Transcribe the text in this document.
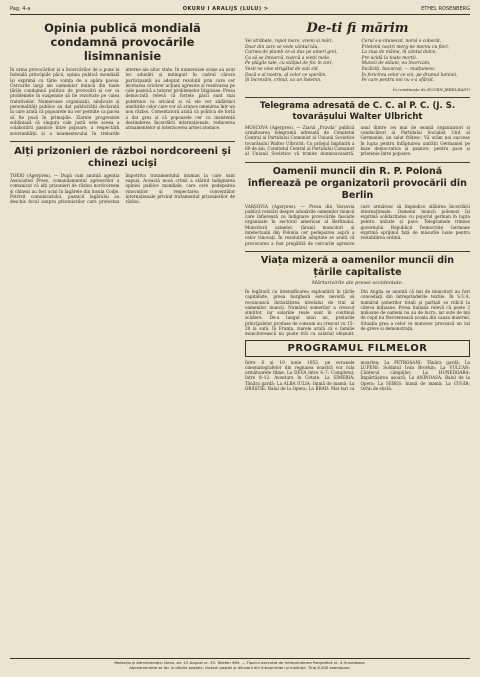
Pag. 4-a	OKURU I ARALIJS (LULU) >	ETHEL ROSENBERG
Opinia publică mondială condamnă provocările lisimnanisie
În urma provocărilor și a încercărilor de a pune la îndoială principiile păcii, opinia publică mondială își exprimă cu tărie voința de a apăra pacea. Cercurile largi ale oamenilor muncii din toate țările condamnă politica de provocări și cer ca problemele în suspensie să fie rezolvate pe calea tratativelor. Numeroase organizații, sindicate și personalități publice au dat publicității declarații în care arată că popoarele nu vor permite ca pacea să fie pusă în primejdie. Ziarele progresiste subliniază că singura cale justă este aceea a colaborării pașnice între popoare, a respectării suveranității și a neamestecului în treburile interne ale altor state. În numeroase orașe au avut loc adunări și mitinguri în cadrul cărora participanții au adoptat rezoluții prin care cer încetarea oricăror acțiuni agresive și rezolvarea pe cale pașnică a tuturor problemelor litigioase. Presa democrată relevă că forțele păcii sunt mai puternice ca oricând și că ele vor zădărnici uneltirile celor care vor să arunce omenirea într-un nou război. Comentatorii arată că politica de forță a dat greș și că popoarele cer cu insistență destinderea încordării internaționale, reducerea armamentelor și interzicerea armei atomice.
Alți prizonieri de război nordcoreeni și chinezi uciși
TOKIO (Agerpres). — După cum anunță agenția Associated Press, comandamentul agresorilor a comunicat că alți prizonieri de război nordcoreeni și chinezi au fost uciși în lagărele din insula Codje. Potrivit comunicatului, paznicii lagărului au deschis focul asupra prizonierilor care protestau împotriva tratamentului inuman la care sunt supuși. Această nouă crimă a stârnit indignarea opiniei publice mondiale, care cere pedepsirea vinovaților și respectarea convențiilor internaționale privind tratamentul prizonierilor de război.
De-ti fi mărim

Vei străbate, ropot mare, vremi și mări,
Doar din zare se vede vântul tău,
Carnea de plumb ce-ai dus pe umeri grei,
Ca să se întoarcă, toarcă a vieții mele.
Pe plăgile tale, cu stâlpul de foc în zori,
Vesti ne vine strigătul de sub zid,
Dacă e al nostru, al celor ce sperăm,
Și încrezăm, crinul, ca un îndemn.

Cerul s-a-ntunecat, norul o coborât,
Prietenii noștri merg-ne mereu cu flori,
La ziua de mâine, în cântul dulce,
Pre ucidă la toate morții.
Muncii de stăuni, eu încercam,
Încălziți, bucuroși, — mulțumesc,
În fericirea celor ce vin, pe drumul luminii,
Pe care pentru noi nu s-a sfârșit.

În românește de EUGEN JEBELEANU
Telegrama adresată de C. C. al P. C. (J. S. tovarășului Walter Ulbricht
MOSCOVA (Agerpres). — Ziarul „Pravda” publică următoarea telegramă adresată de Comitetul Central al Partidului Comunist al Uniunii Sovietice tovarășului Walter Ulbricht: Cu prilejul împlinirii a 60 de ani, Comitetul Central al Partidului Comunist al Uniunii Sovietice vă trimite dumneavoastră, unul dintre cei mai de seamă organizatori și conducători ai Partidului Socialist Unit al Germaniei, un salut frățesc. Vă urăm noi succese în lupta pentru înfăptuirea unității Germaniei pe baze democratice și pașnice, pentru pace și prietenie între popoare.
Oamenii muncii din R. P. Polonă înfierează pe organizatorii provocării din Berlin
VARȘOVIA (Agerpres). — Presa din Varșovia publică relatări despre adunările oamenilor muncii care înfierează cu indignare provocările fasciste organizate în sectorul american al Berlinului. Muncitorii uzinelor, țăranii muncitori și intelectualii din Polonia cer pedepsirea aspră a celor vinovați. În rezoluțiile adoptate se arată că provocarea a fost pregătită de cercurile agresive care urmăresc să împiedice slăbirea încordării internaționale. Oamenii muncii polonezi își exprimă solidaritatea cu poporul german în lupta pentru unitate și pace. Telegramele trimise guvernului Republicii Democrate Germane exprimă sprijinul față de măsurile luate pentru restabilirea ordinii.
Viața mizeră a oamenilor muncii din țările capitaliste
Mărturisirile ale presei occidentale.
În legătură cu intensificarea exploatării în țările capitaliste, presa burgheză este nevoită să recunoască înrăutățirea nivelului de trai al oamenilor muncii. Numărul șomerilor a crescut simțitor, iar salariile reale sunt în continuă scădere. De-a lungul unui an, prețurile principalelor produse de consum au crescut cu 15–20 la sută. În Franța, ziarele arată că o familie muncitorească nu poate trăi cu salariul obișnuit. Din Anglia se anunță că mii de muncitori au fost concediați din întreprinderile textile. În S.U.A. numărul șomerilor totali și parțiali se ridică la câteva milioane. Presa italiană relevă că peste 2 milioane de oameni nu au de lucru, iar sute de mii de copii nu frecventează școala din cauza mizeriei. Situația grea a celor ce muncesc provoacă un val de greve și demonstrații.
PROGRAMUL FILMELOR
Între 6 și 19 iunie 1953, pe ecranele cinematografelor din regiunea noastră vor rula următoarele filme: La DEVA între 6–7: Complotul; între 8–12: Aventura în Cetate. La SIMERIA: Tânăra gardă; La ALBA IULIA: Inimă de mamă; La ORĂȘTIE: Balul de la Opera; La BRAD: Mai tari ca moartea; La PETROȘANI: Tânăra gardă; La LUPENI: Soldatul Ivan Brovkin; La VULCAN: Cântecul câmpiilor; La HUNEDOARA: Împărtășirea ușoară; La ANINOASA: Balul de la Opera; La SEBEȘ: Inimă de mamă; La CUGIR: Ochii de sticlă.
Redacția și Administrația: Deva, str. 23 August nr. 35. Telefon 989. — Tiparul executat de Întreprinderea Poligrafică nr. 4 Hunedoara.
Abonamentele se fac la oficiile poștale, factorii poștali și difuzorii din întreprinderi și instituții. Tiraj 8.400 exemplare.
